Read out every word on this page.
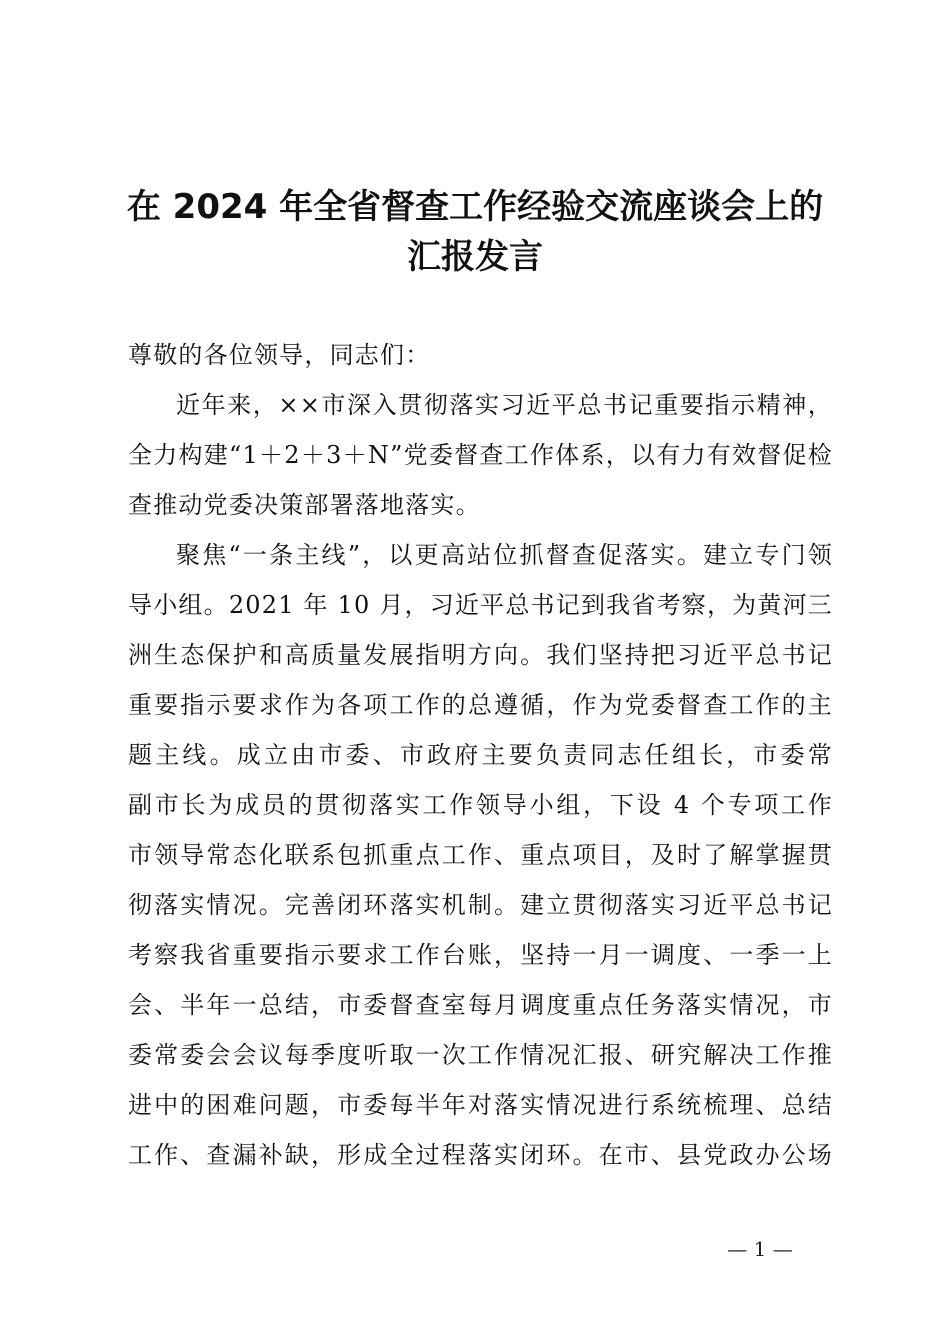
在 2024 年全省督查工作经验交流座谈会上的
汇报发言
尊敬的各位领导，同志们：
近年来，××市深入贯彻落实习近平总书记重要指示精神，
全力构建“1＋2＋3＋N”党委督查工作体系，以有力有效督促检
查推动党委决策部署落地落实。
聚焦“一条主线”，以更高站位抓督查促落实。建立专门领
导小组。2021 年 10 月，习近平总书记到我省考察，为黄河三
洲生态保护和高质量发展指明方向。我们坚持把习近平总书记
重要指示要求作为各项工作的总遵循，作为党委督查工作的主
题主线。成立由市委、市政府主要负责同志任组长，市委常
副市长为成员的贯彻落实工作领导小组，下设 4 个专项工作
市领导常态化联系包抓重点工作、重点项目，及时了解掌握贯
彻落实情况。完善闭环落实机制。建立贯彻落实习近平总书记
考察我省重要指示要求工作台账，坚持一月一调度、一季一上
会、半年一总结，市委督查室每月调度重点任务落实情况，市
委常委会会议每季度听取一次工作情况汇报、研究解决工作推
进中的困难问题，市委每半年对落实情况进行系统梳理、总结
工作、查漏补缺，形成全过程落实闭环。在市、县党政办公场
— 1 —
